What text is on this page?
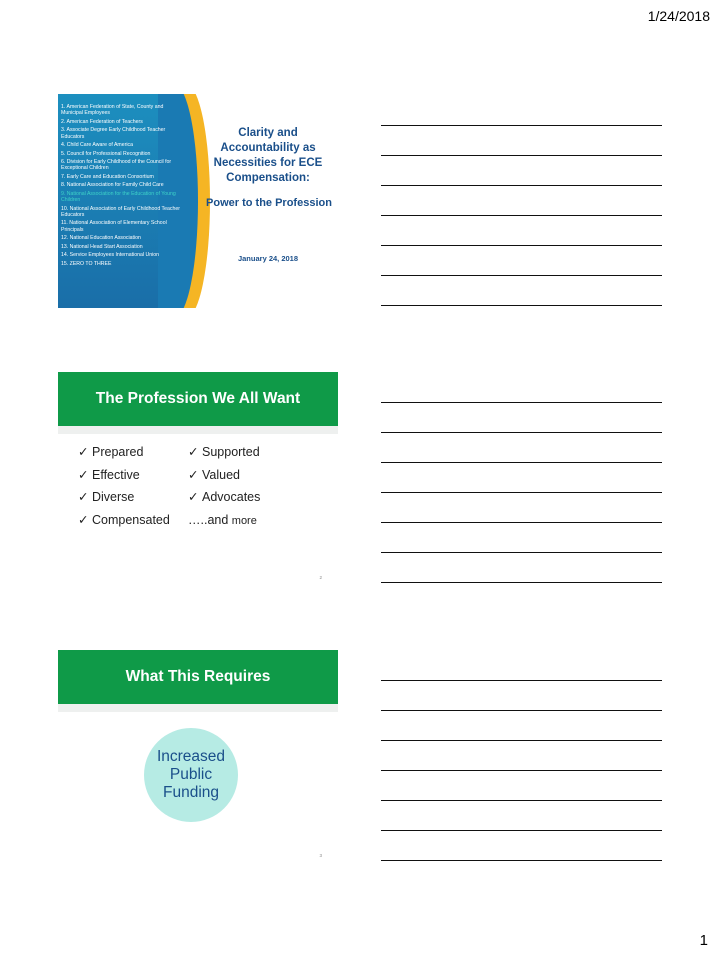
1/24/2018
1. American Federation of State, County and Municipal Employees
2. American Federation of Teachers
3. Associate Degree Early Childhood Teacher Educators
4. Child Care Aware of America
5. Council for Professional Recognition
6. Division for Early Childhood of the Council for Exceptional Children
7. Early Care and Education Consortium
8. National Association for Family Child Care
9. National Association for the Education of Young Children
10. National Association of Early Childhood Teacher Educators
11. National Association of Elementary School Principals
12. National Education Association
13. National Head Start Association
14. Service Employees International Union
15. ZERO TO THREE
Clarity and Accountability as Necessities for ECE Compensation:
Power to the Profession
January 24, 2018
The Profession We All Want
✓ Prepared
✓ Effective
✓ Diverse
✓ Compensated
✓ Supported
✓ Valued
✓ Advocates
…..and more
2
What This Requires
Increased Public Funding
3
1
